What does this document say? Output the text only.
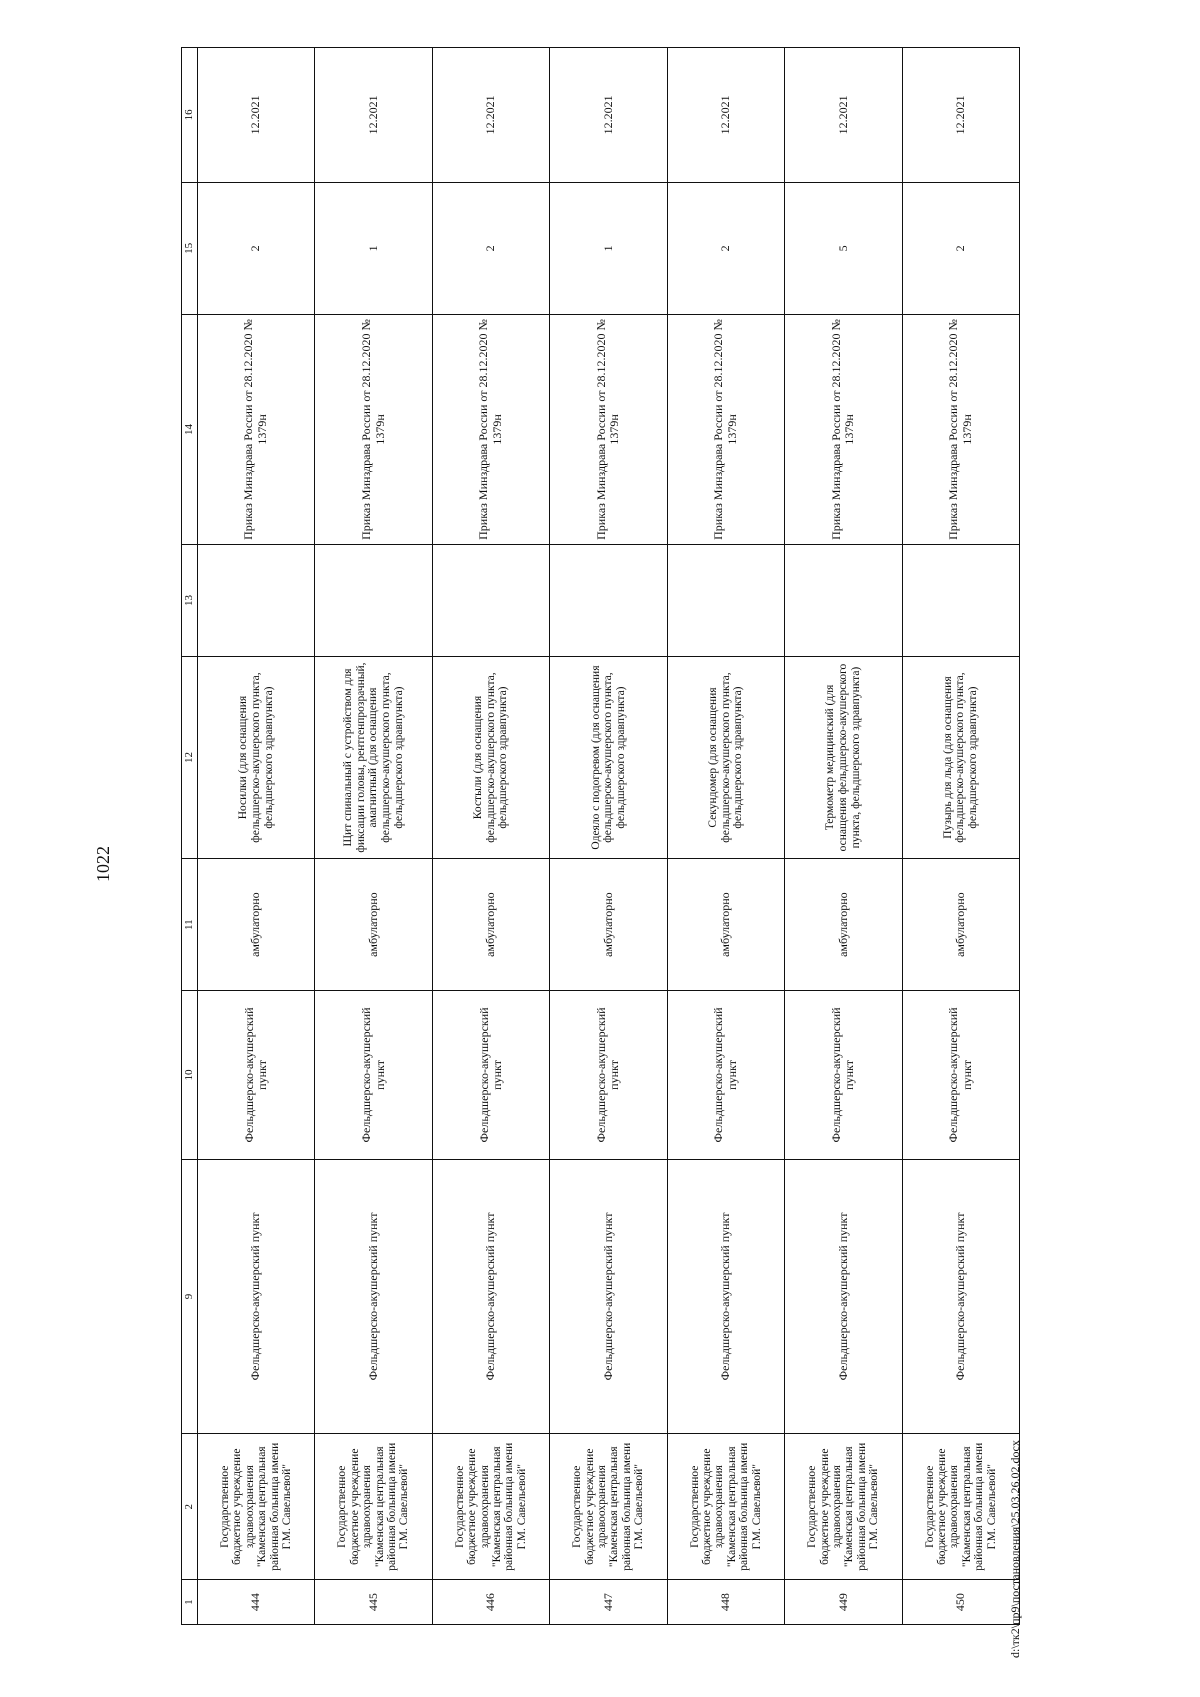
1022
1	2	9	10	11	12	13	14	15	16
444	Государственное бюджетное учреждение здравоохранения "Каменская центральная районная больница имени Г.М. Савельевой"	Фельдшерско-акушерский пункт	Фельдшерско-акушерский пункт	амбулаторно	Носилки (для оснащения фельдшерско-акушерского пункта, фельдшерского здравпункта)		Приказ Минздрава России от 28.12.2020 № 1379н	2	12.2021
445	Государственное бюджетное учреждение здравоохранения "Каменская центральная районная больница имени Г.М. Савельевой"	Фельдшерско-акушерский пункт	Фельдшерско-акушерский пункт	амбулаторно	Щит спинальный с устройством для фиксации головы, рентгенпрозрачный, амагнитный (для оснащения фельдшерско-акушерского пункта, фельдшерского здравпункта)		Приказ Минздрава России от 28.12.2020 № 1379н	1	12.2021
446	Государственное бюджетное учреждение здравоохранения "Каменская центральная районная больница имени Г.М. Савельевой"	Фельдшерско-акушерский пункт	Фельдшерско-акушерский пункт	амбулаторно	Костыли (для оснащения фельдшерско-акушерского пункта, фельдшерского здравпункта)		Приказ Минздрава России от 28.12.2020 № 1379н	2	12.2021
447	Государственное бюджетное учреждение здравоохранения "Каменская центральная районная больница имени Г.М. Савельевой"	Фельдшерско-акушерский пункт	Фельдшерско-акушерский пункт	амбулаторно	Одеяло с подогревом (для оснащения фельдшерско-акушерского пункта, фельдшерского здравпункта)		Приказ Минздрава России от 28.12.2020 № 1379н	1	12.2021
448	Государственное бюджетное учреждение здравоохранения "Каменская центральная районная больница имени Г.М. Савельевой"	Фельдшерско-акушерский пункт	Фельдшерско-акушерский пункт	амбулаторно	Секундомер (для оснащения фельдшерско-акушерского пункта, фельдшерского здравпункта)		Приказ Минздрава России от 28.12.2020 № 1379н	2	12.2021
449	Государственное бюджетное учреждение здравоохранения "Каменская центральная районная больница имени Г.М. Савельевой"	Фельдшерско-акушерский пункт	Фельдшерско-акушерский пункт	амбулаторно	Термометр медицинский (для оснащения фельдшерско-акушерского пункта, фельдшерского здравпункта)		Приказ Минздрава России от 28.12.2020 № 1379н	5	12.2021
450	Государственное бюджетное учреждение здравоохранения "Каменская центральная районная больница имени Г.М. Савельевой"	Фельдшерско-акушерский пункт	Фельдшерско-акушерский пункт	амбулаторно	Пузырь для льда (для оснащения фельдшерско-акушерского пункта, фельдшерского здравпункта)		Приказ Минздрава России от 28.12.2020 № 1379н	2	12.2021
d:\тк2\пр9\постановления\25.03.26.02.docx
